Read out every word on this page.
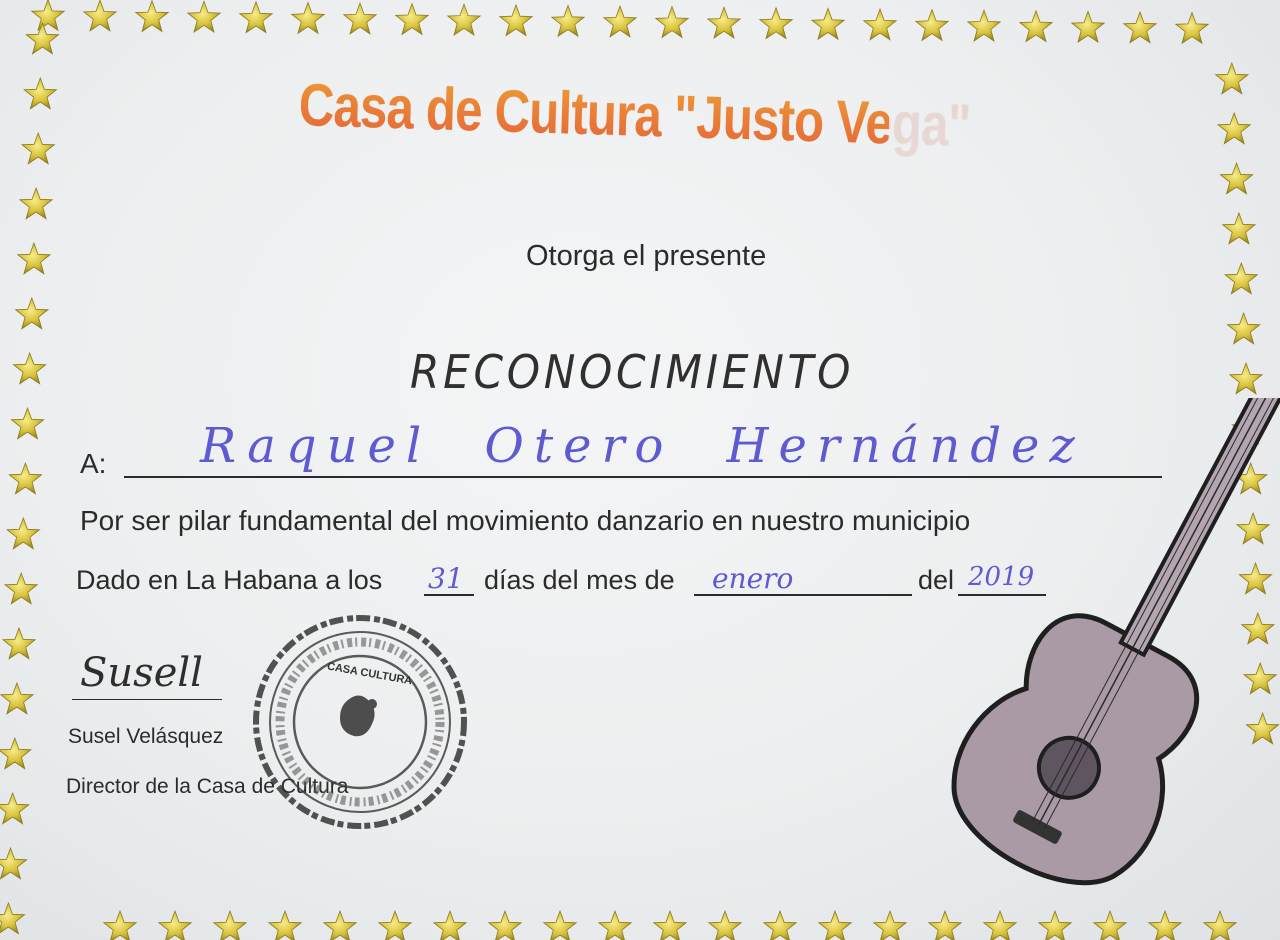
Casa de Cultura "Justo Vega"
Otorga el presente
RECONOCIMIENTO
A: Raquel Otero Hernández
Por ser pilar fundamental del movimiento danzario en nuestro municipio
Dado en La Habana a los 31 días del mes de enero	del 2019
Susell
Susel Velásquez
Director de la Casa de Cultura
CASA CULTURA
